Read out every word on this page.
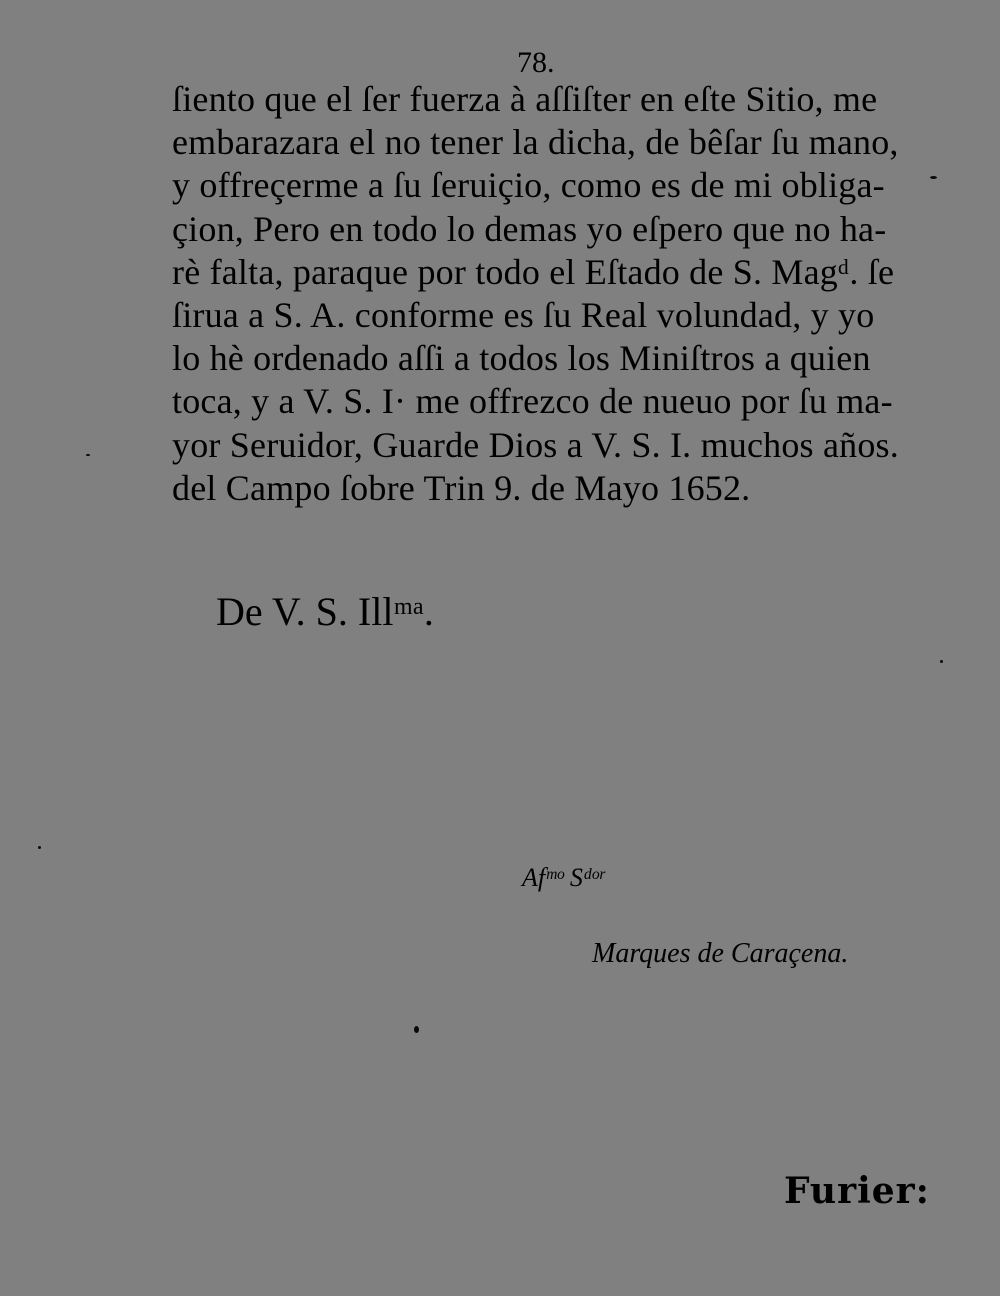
78.
ſiento que el ſer fuerza à aſſiſter en eſte Sitio, me
embarazara el no tener la dicha, de bêſar ſu mano,
y offreçerme a ſu ſeruiçio, como es de mi obliga-
çion, Pero en todo lo demas yo eſpero que no ha-
rè falta, paraque por todo el Eſtado de S. Magᵈ. ſe
ſirua a S. A. conforme es ſu Real volundad, y yo
lo hè ordenado aſſi a todos los Miniſtros a quien
toca, y a V. S. I· me offrezco de nueuo por ſu ma-
yor Seruidor, Guarde Dios a V. S. I. muchos años.
del Campo ſobre Trin 9. de Mayo 1652.
De V. S. Illᵐᵃ.
Afᵐᵒ Sᵈᵒʳ
Marques de Caraçena.
Furier:
